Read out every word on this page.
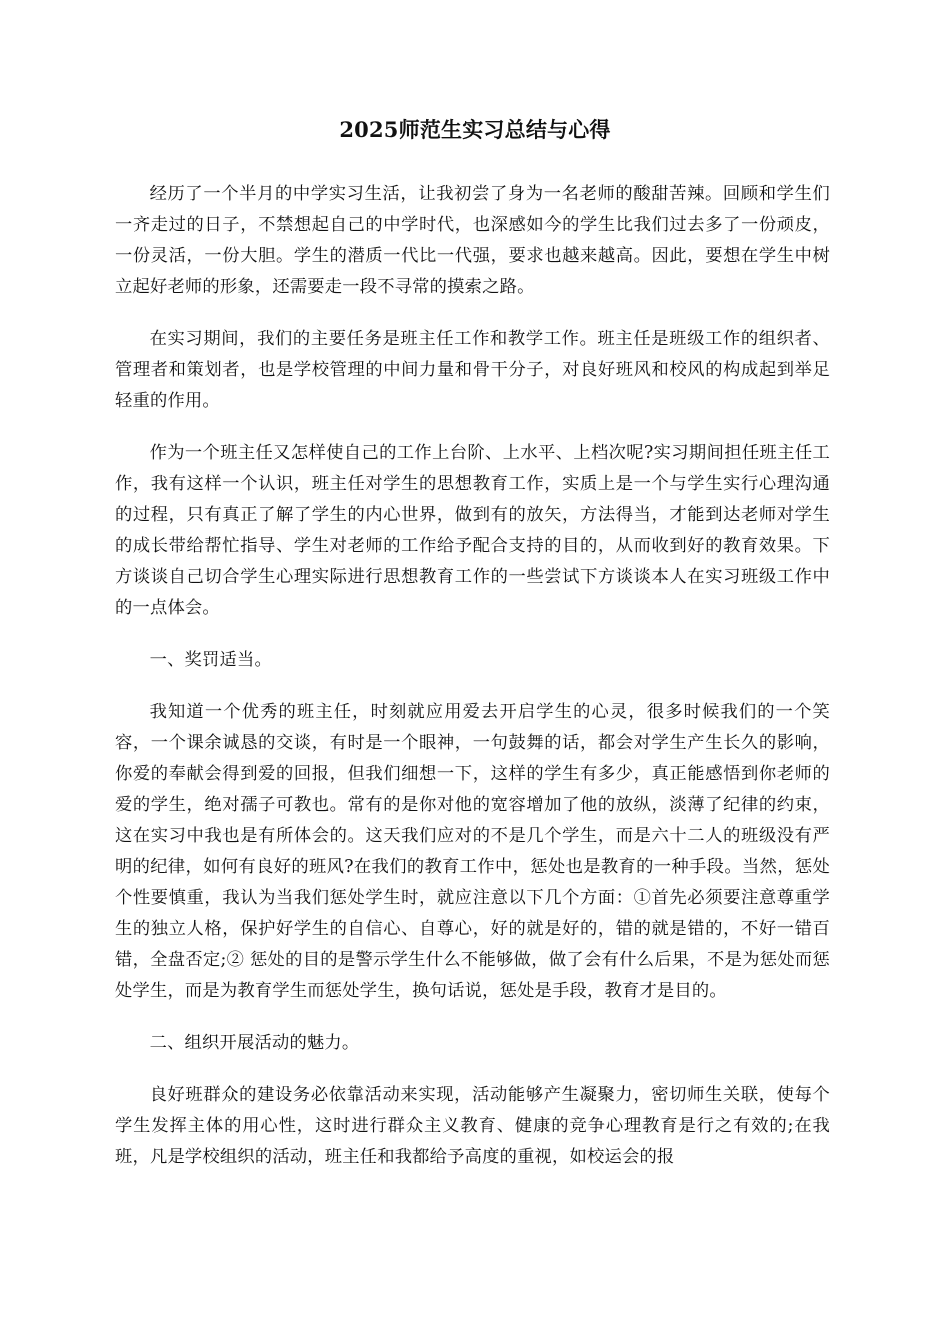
2025师范生实习总结与心得

经历了一个半月的中学实习生活，让我初尝了身为一名老师的酸甜苦辣。回顾和学生们一齐走过的日子，不禁想起自己的中学时代，也深感如今的学生比我们过去多了一份顽皮，一份灵活，一份大胆。学生的潜质一代比一代强，要求也越来越高。因此，要想在学生中树立起好老师的形象，还需要走一段不寻常的摸索之路。

在实习期间，我们的主要任务是班主任工作和教学工作。班主任是班级工作的组织者、管理者和策划者，也是学校管理的中间力量和骨干分子，对良好班风和校风的构成起到举足轻重的作用。

作为一个班主任又怎样使自己的工作上台阶、上水平、上档次呢?实习期间担任班主任工作，我有这样一个认识，班主任对学生的思想教育工作，实质上是一个与学生实行心理沟通的过程，只有真正了解了学生的内心世界，做到有的放矢，方法得当，才能到达老师对学生的成长带给帮忙指导、学生对老师的工作给予配合支持的目的，从而收到好的教育效果。下方谈谈自己切合学生心理实际进行思想教育工作的一些尝试下方谈谈本人在实习班级工作中的一点体会。

一、奖罚适当。

我知道一个优秀的班主任，时刻就应用爱去开启学生的心灵，很多时候我们的一个笑容，一个课余诚恳的交谈，有时是一个眼神，一句鼓舞的话，都会对学生产生长久的影响，你爱的奉献会得到爱的回报，但我们细想一下，这样的学生有多少，真正能感悟到你老师的爱的学生，绝对孺子可教也。常有的是你对他的宽容增加了他的放纵，淡薄了纪律的约束，这在实习中我也是有所体会的。这天我们应对的不是几个学生，而是六十二人的班级没有严明的纪律，如何有良好的班风?在我们的教育工作中，惩处也是教育的一种手段。当然，惩处个性要慎重，我认为当我们惩处学生时，就应注意以下几个方面：①首先必须要注意尊重学生的独立人格，保护好学生的自信心、自尊心，好的就是好的，错的就是错的，不好一错百错，全盘否定;② 惩处的目的是警示学生什么不能够做，做了会有什么后果，不是为惩处而惩处学生，而是为教育学生而惩处学生，换句话说，惩处是手段，教育才是目的。

二、组织开展活动的魅力。

良好班群众的建设务必依靠活动来实现，活动能够产生凝聚力，密切师生关联，使每个学生发挥主体的用心性，这时进行群众主义教育、健康的竞争心理教育是行之有效的;在我班，凡是学校组织的活动，班主任和我都给予高度的重视，如校运会的报
